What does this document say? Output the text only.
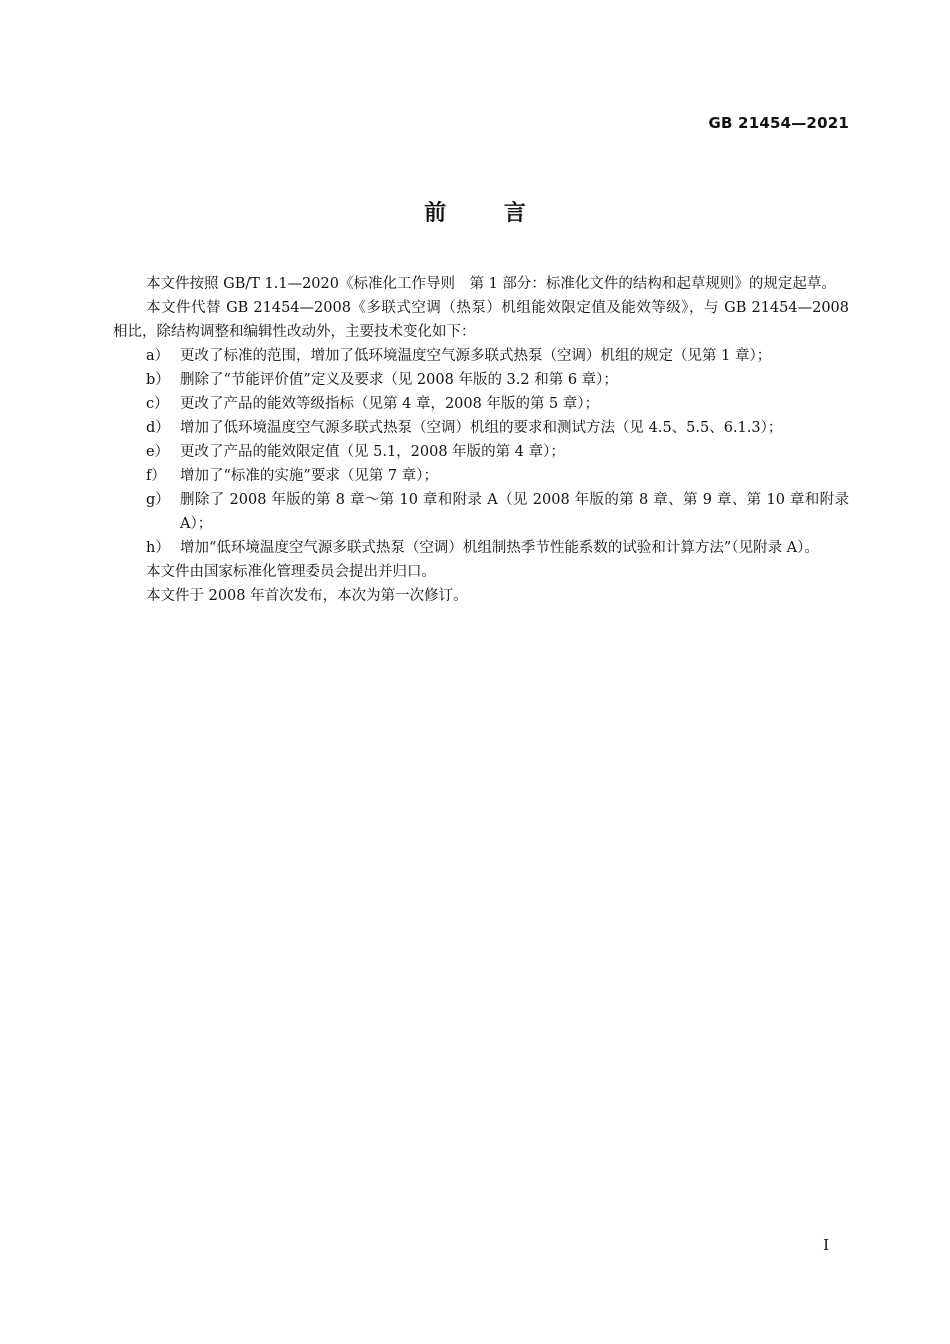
GB 21454—2021
前 言

本文件按照 GB/T 1.1—2020《标准化工作导则　第 1 部分：标准化文件的结构和起草规则》的规定起草。

本文件代替 GB 21454—2008《多联式空调（热泵）机组能效限定值及能效等级》，与 GB 21454—2008 相比，除结构调整和编辑性改动外，主要技术变化如下：

a） 更改了标准的范围，增加了低环境温度空气源多联式热泵（空调）机组的规定（见第 1 章）；
b） 删除了“节能评价值”定义及要求（见 2008 年版的 3.2 和第 6 章）；
c） 更改了产品的能效等级指标（见第 4 章，2008 年版的第 5 章）；
d） 增加了低环境温度空气源多联式热泵（空调）机组的要求和测试方法（见 4.5、5.5、6.1.3）；
e） 更改了产品的能效限定值（见 5.1，2008 年版的第 4 章）；
f） 增加了“标准的实施”要求（见第 7 章）；
g） 删除了 2008 年版的第 8 章～第 10 章和附录 A（见 2008 年版的第 8 章、第 9 章、第 10 章和附录 A）；
h） 增加“低环境温度空气源多联式热泵（空调）机组制热季节性能系数的试验和计算方法”（见附录 A）。

本文件由国家标准化管理委员会提出并归口。

本文件于 2008 年首次发布，本次为第一次修订。

I
